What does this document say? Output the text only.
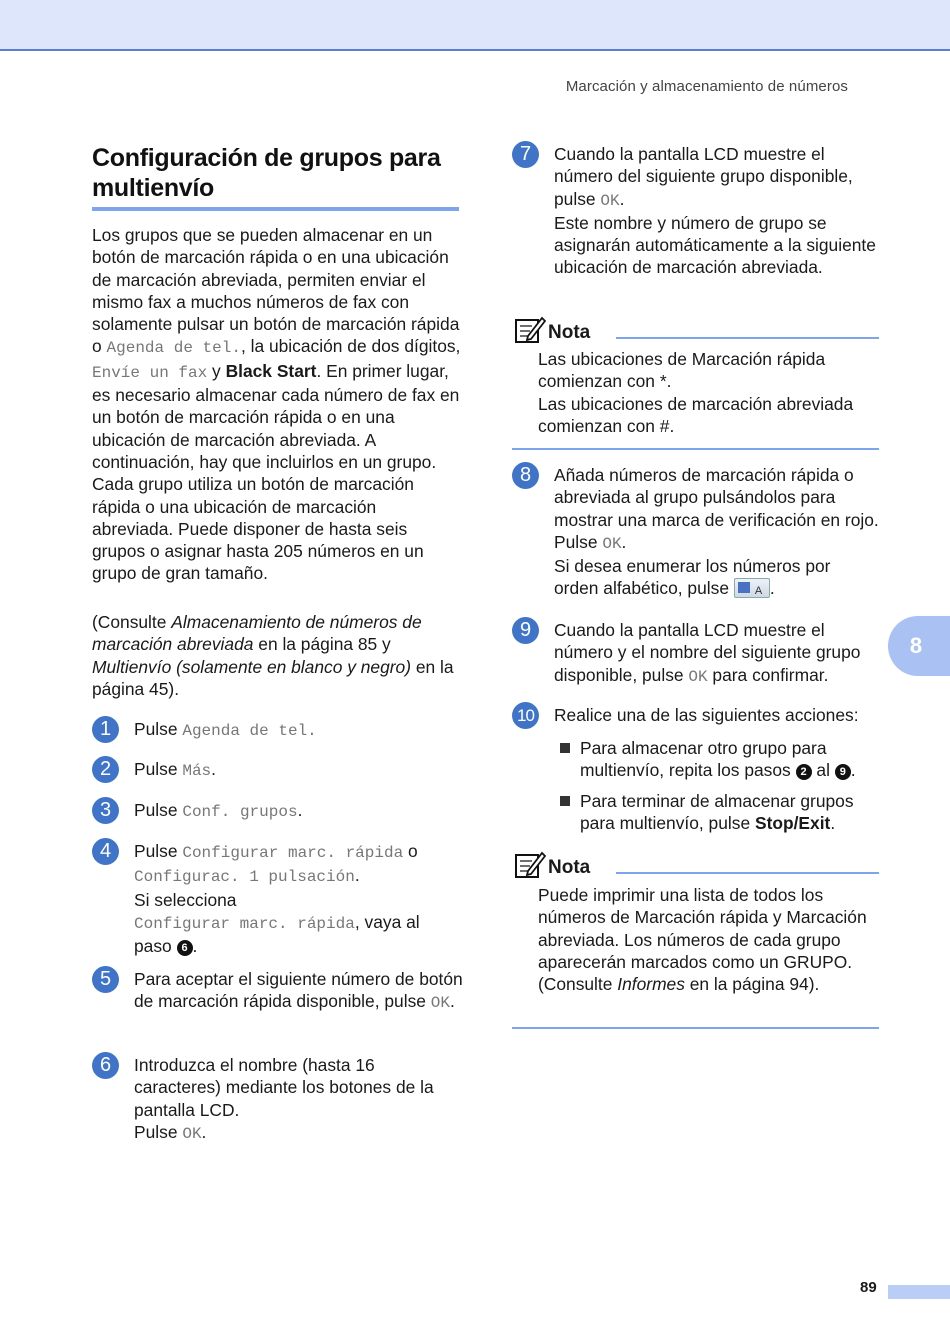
Marcación y almacenamiento de números
Configuración de grupos para multienvío
Los grupos que se pueden almacenar en un botón de marcación rápida o en una ubicación de marcación abreviada, permiten enviar el mismo fax a muchos números de fax con solamente pulsar un botón de marcación rápida o Agenda de tel., la ubicación de dos dígitos, Envíe un fax y Black Start. En primer lugar, es necesario almacenar cada número de fax en un botón de marcación rápida o en una ubicación de marcación abreviada. A continuación, hay que incluirlos en un grupo. Cada grupo utiliza un botón de marcación rápida o una ubicación de marcación abreviada. Puede disponer de hasta seis grupos o asignar hasta 205 números en un grupo de gran tamaño.
(Consulte Almacenamiento de números de marcación abreviada en la página 85 y Multienvío (solamente en blanco y negro) en la página 45).
1	Pulse Agenda de tel.
2	Pulse Más.
3	Pulse Conf. grupos.
4	Pulse Configurar marc. rápida o Configurac. 1 pulsación.
Si selecciona
Configurar marc. rápida, vaya al paso 6 .
5	Para aceptar el siguiente número de botón de marcación rápida disponible, pulse OK.
6	Introduzca el nombre (hasta 16 caracteres) mediante los botones de la pantalla LCD.
Pulse OK.
7	Cuando la pantalla LCD muestre el número del siguiente grupo disponible, pulse OK.
Este nombre y número de grupo se asignarán automáticamente a la siguiente ubicación de marcación abreviada.
Nota
Las ubicaciones de Marcación rápida comienzan con *.
Las ubicaciones de marcación abreviada comienzan con #.
8	Añada números de marcación rápida o abreviada al grupo pulsándolos para mostrar una marca de verificación en rojo. Pulse OK.
Si desea enumerar los números por orden alfabético, pulse A.
9	Cuando la pantalla LCD muestre el número y el nombre del siguiente grupo disponible, pulse OK para confirmar.
10 Realice una de las siguientes acciones:
Para almacenar otro grupo para multienvío, repita los pasos 2 al 9 .
Para terminar de almacenar grupos para multienvío, pulse Stop/Exit.
Nota
Puede imprimir una lista de todos los números de Marcación rápida y Marcación abreviada. Los números de cada grupo aparecerán marcados como un GRUPO. (Consulte Informes en la página 94).
8
89
